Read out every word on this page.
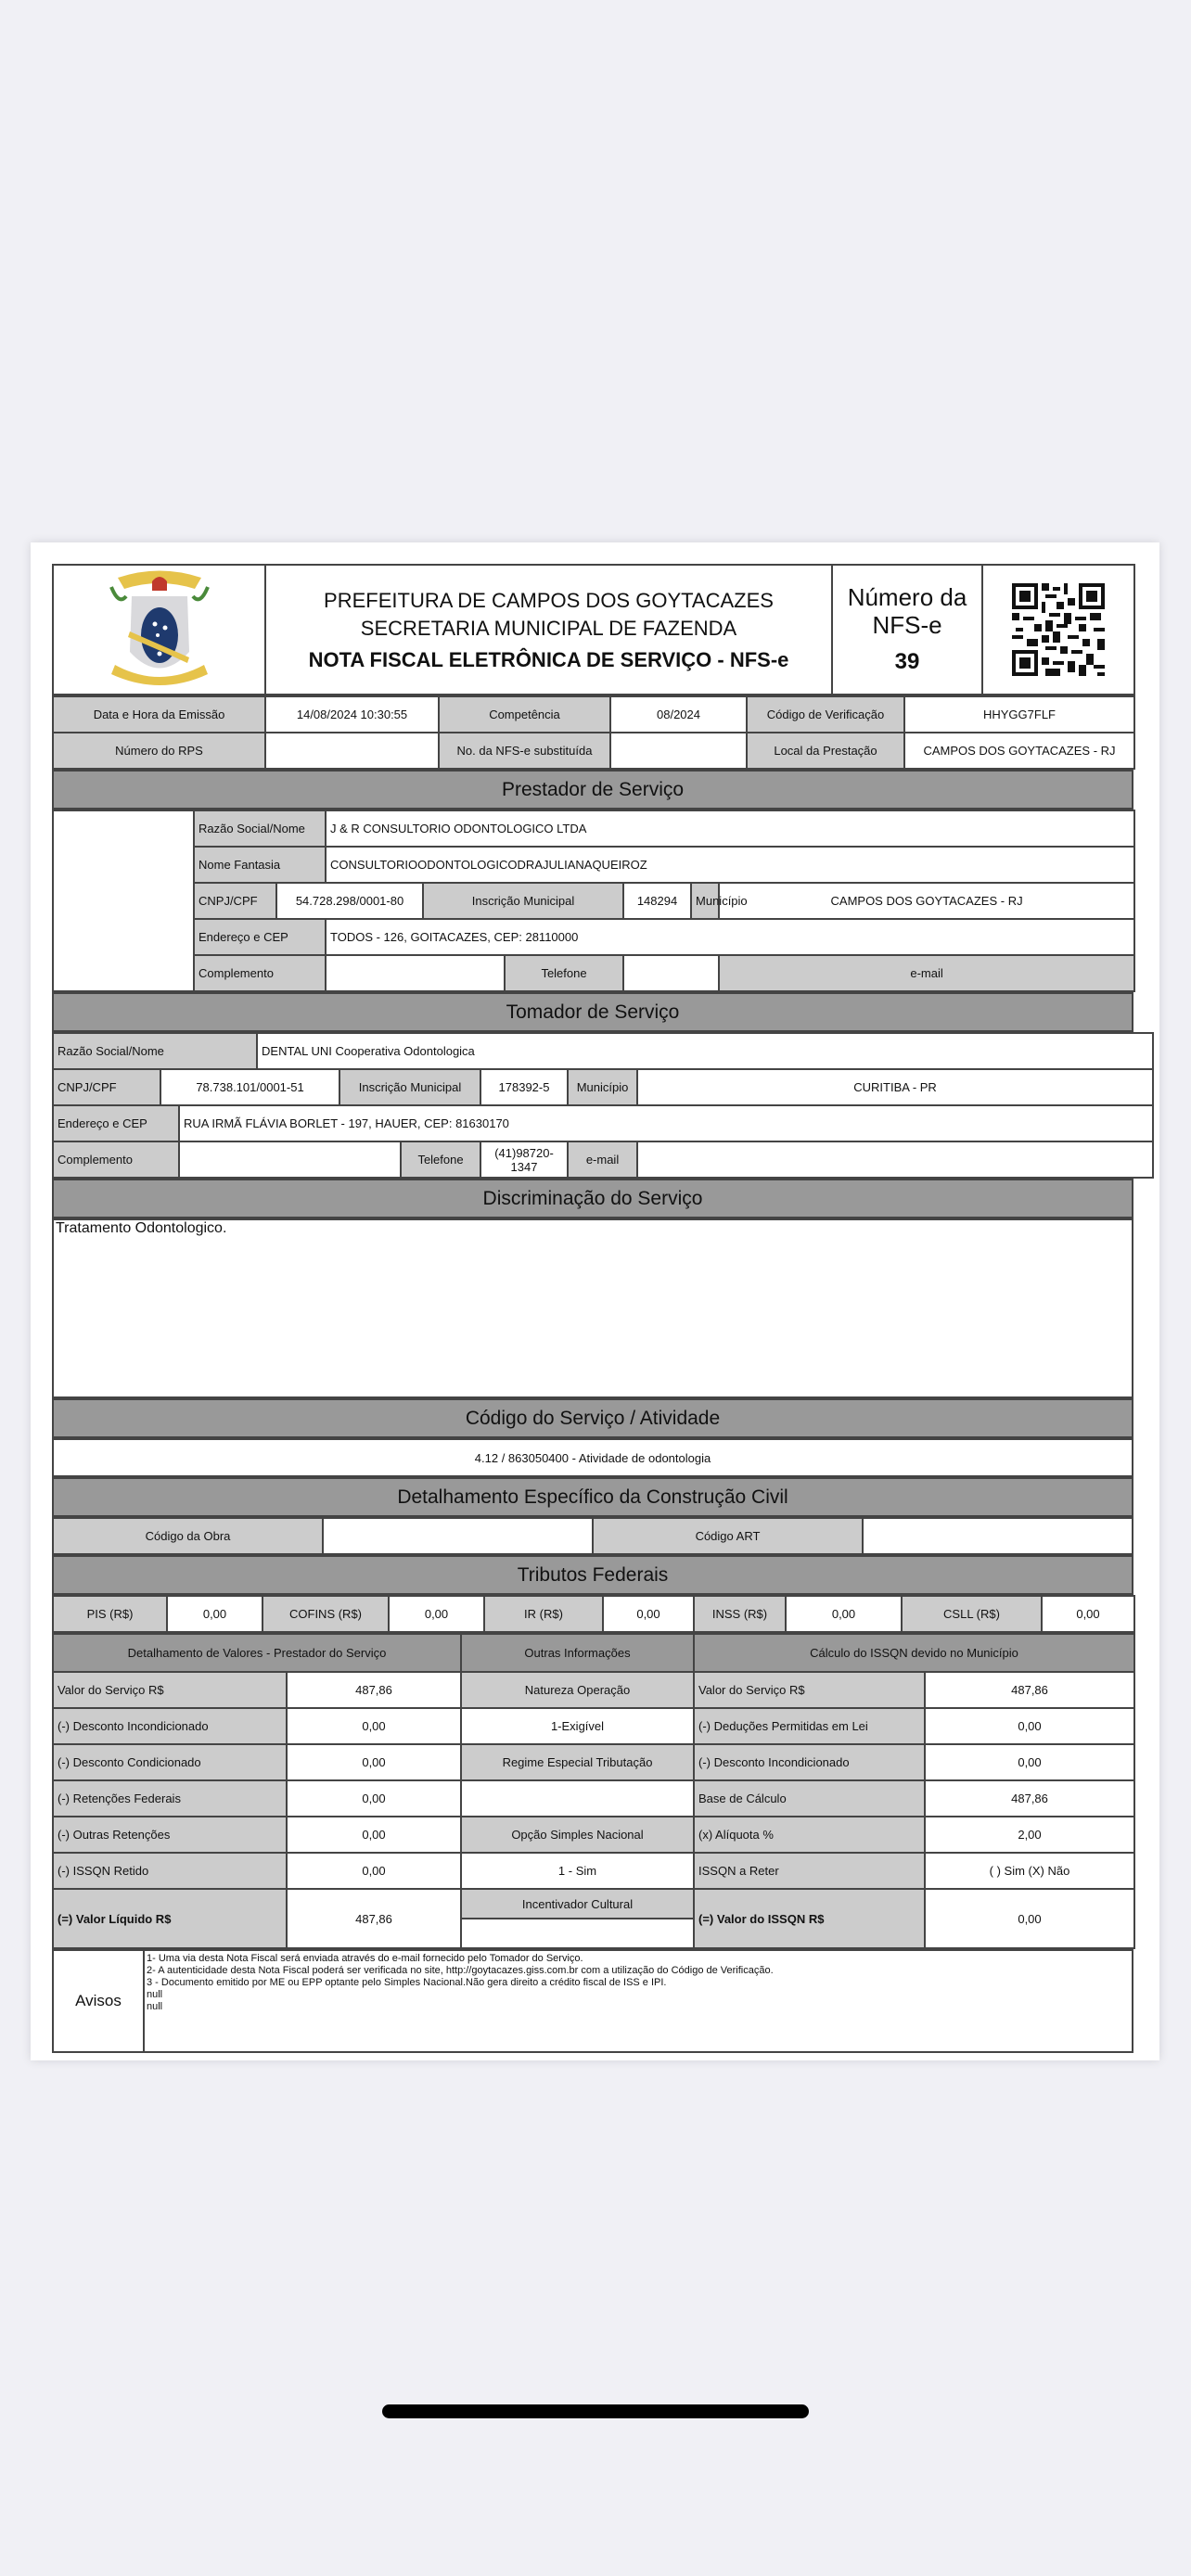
PREFEITURA DE CAMPOS DOS GOYTACAZES
SECRETARIA MUNICIPAL DE FAZENDA
NOTA FISCAL ELETRÔNICA DE SERVIÇO - NFS-e

Número da
NFS-e
39

Data e Hora da Emissão	14/08/2024 10:30:55	Competência	08/2024	Código de Verificação	HHYGG7FLF
Número do RPS		No. da NFS-e substituída		Local da Prestação	CAMPOS DOS GOYTACAZES - RJ
Prestador de Serviço
	Razão Social/Nome		J & R CONSULTORIO ODONTOLOGICO LTDA						
	Nome Fantasia		CONSULTORIOODONTOLOGICODRAJULIANAQUEIROZ						
	CNPJ/CPF	54.728.298/0001-80		Inscrição Municipal		148294	Município	CAMPOS DOS GOYTACAZES - RJ	
	Endereço e CEP		TODOS - 126, GOITACAZES, CEP: 28110000						
	Complemento				Telefone			e-mail	
Tomador de Serviço
Razão Social/Nome			DENTAL UNI Cooperativa Odontologica					
CNPJ/CPF	78.738.101/0001-51			Inscrição Municipal		178392-5	Município	CURITIBA - PR
Endereço e CEP		RUA IRMÃ FLÁVIA BORLET - 197, HAUER, CEP: 81630170						
Complemento					Telefone	(41)98720-1347	e-mail	
Discriminação do Serviço
Tratamento Odontologico.
Código do Serviço / Atividade
4.12 / 863050400 - Atividade de odontologia
Detalhamento Específico da Construção Civil
Código da Obra		Código ART	
Tributos Federais
PIS (R$)	0,00	COFINS (R$)	0,00	IR (R$)	0,00	INSS (R$)	0,00	CSLL (R$)	0,00
Detalhamento de Valores - Prestador do Serviço		Outras Informações	Cálculo do ISSQN devido no Município	
Valor do Serviço R$	487,86	Natureza Operação	Valor do Serviço R$	487,86
(-) Desconto Incondicionado	0,00	1-Exigível	(-) Deduções Permitidas em Lei	0,00
(-) Desconto Condicionado	0,00	Regime Especial Tributação	(-) Desconto Incondicionado	0,00
(-) Retenções Federais	0,00		Base de Cálculo	487,86
(-) Outras Retenções	0,00	Opção Simples Nacional	(x) Alíquota %	2,00
(-) ISSQN Retido	0,00	1 - Sim	ISSQN a Reter	( ) Sim (X) Não
(=) Valor Líquido R$	487,86	Incentivador Cultural	(=) Valor do ISSQN R$	0,00

Avisos	
1- Uma via desta Nota Fiscal será enviada através do e-mail fornecido pelo Tomador do Serviço.
2- A autenticidade desta Nota Fiscal poderá ser verificada no site, http://goytacazes.giss.com.br com a utilização do Código de Verificação.
3 - Documento emitido por ME ou EPP optante pelo Simples Nacional.Não gera direito a crédito fiscal de ISS e IPI.
null
null
